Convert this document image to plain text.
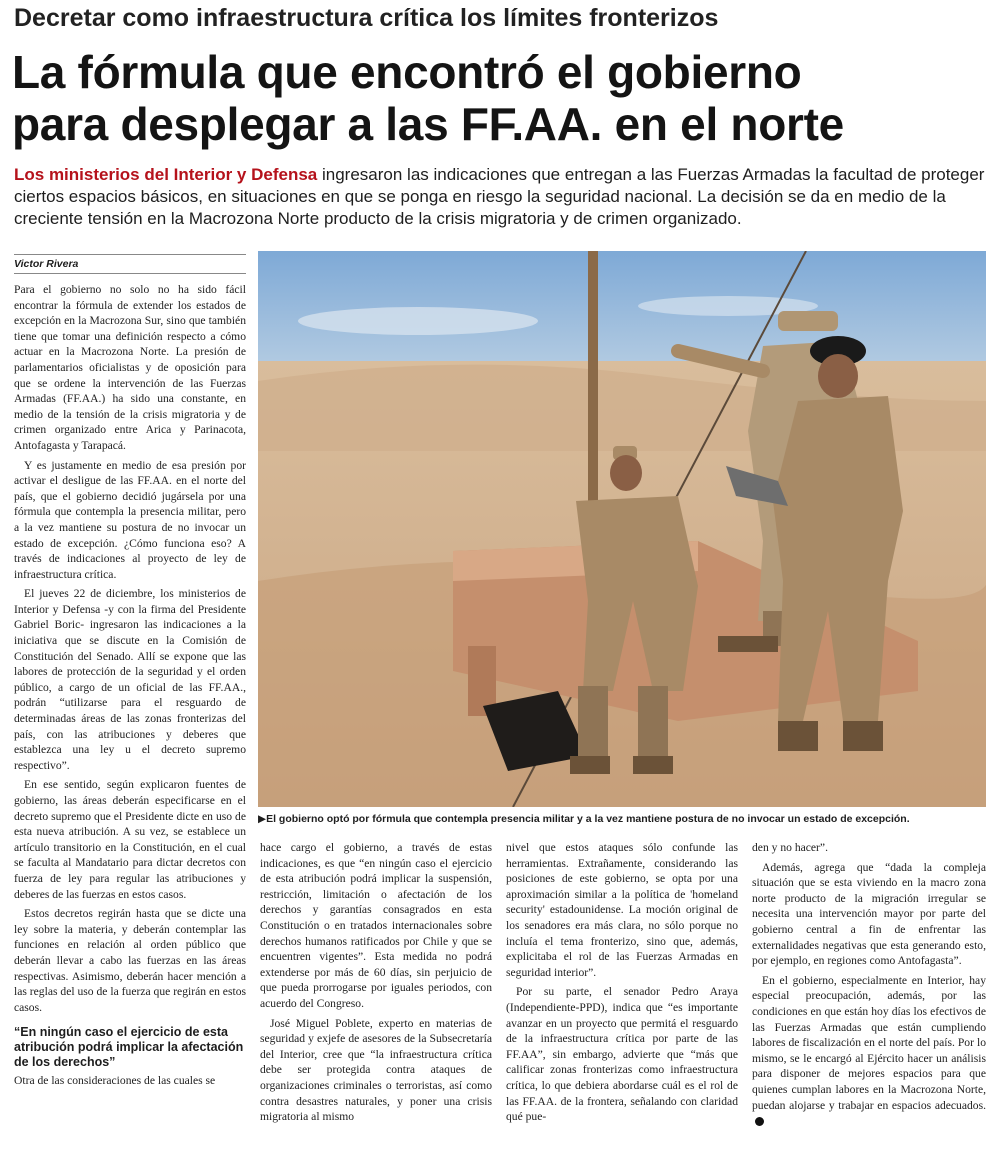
Decretar como infraestructura crítica los límites fronterizos
La fórmula que encontró el gobierno
para desplegar a las FF.AA. en el norte
Los ministerios del Interior y Defensa ingresaron las indicaciones que entregan a las Fuerzas Armadas la facultad de proteger ciertos espacios básicos, en situaciones en que se ponga en riesgo la seguridad nacional. La decisión se da en medio de la creciente tensión en la Macrozona Norte producto de la crisis migratoria y de crimen organizado.
Victor Rivera

Para el gobierno no solo no ha sido fácil encontrar la fórmula de extender los estados de excepción en la Macrozona Sur, sino que también tiene que tomar una definición respecto a cómo actuar en la Macrozona Norte. La presión de parlamentarios oficialistas y de oposición para que se ordene la intervención de las Fuerzas Armadas (FF.AA.) ha sido una constante, en medio de la tensión de la crisis migratoria y de crimen organizado entre Arica y Parinacota, Antofagasta y Tarapacá.

Y es justamente en medio de esa presión por activar el desligue de las FF.AA. en el norte del país, que el gobierno decidió jugársela por una fórmula que contempla la presencia militar, pero a la vez mantiene su postura de no invocar un estado de excepción. ¿Cómo funciona eso? A través de indicaciones al proyecto de ley de infraestructura crítica.

El jueves 22 de diciembre, los ministerios de Interior y Defensa -y con la firma del Presidente Gabriel Boric- ingresaron las indicaciones a la iniciativa que se discute en la Comisión de Constitución del Senado. Allí se expone que las labores de protección de la seguridad y el orden público, a cargo de un oficial de las FF.AA., podrán “utilizarse para el resguardo de determinadas áreas de las zonas fronterizas del país, con las atribuciones y deberes que establezca una ley u el decreto supremo respectivo”.

En ese sentido, según explicaron fuentes de gobierno, las áreas deberán especificarse en el decreto supremo que el Presidente dicte en uso de esta nueva atribución. A su vez, se establece un artículo transitorio en la Constitución, en el cual se faculta al Mandatario para dictar decretos con fuerza de ley para regular las atribuciones y deberes de las fuerzas en estos casos.

Estos decretos regirán hasta que se dicte una ley sobre la materia, y deberán contemplar las funciones en relación al orden público que deberán llevar a cabo las fuerzas en las áreas respectivas. Asimismo, deberán hacer mención a las reglas del uso de la fuerza que regirán en estos casos.

“En ningún caso el ejercicio de esta atribución podrá implicar la afectación de los derechos”

Otra de las consideraciones de las cuales se

▶El gobierno optó por fórmula que contempla presencia militar y a la vez mantiene postura de no invocar un estado de excepción.

hace cargo el gobierno, a través de estas indicaciones, es que “en ningún caso el ejercicio de esta atribución podrá implicar la suspensión, restricción, limitación o afectación de los derechos y garantías consagrados en esta Constitución o en tratados internacionales sobre derechos humanos ratificados por Chile y que se encuentren vigentes”. Esta medida no podrá extenderse por más de 60 días, sin perjuicio de que pueda prorrogarse por iguales periodos, con acuerdo del Congreso.

José Miguel Poblete, experto en materias de seguridad y exjefe de asesores de la Subsecretaría del Interior, cree que “la infraestructura crítica debe ser protegida contra ataques de organizaciones criminales o terroristas, así como contra desastres naturales, y poner una crisis migratoria al mismo

nivel que estos ataques sólo confunde las herramientas. Extrañamente, considerando las posiciones de este gobierno, se opta por una aproximación similar a la política de 'homeland security' estadounidense. La moción original de los senadores era más clara, no sólo porque no incluía el tema fronterizo, sino que, además, explicitaba el rol de las Fuerzas Armadas en seguridad interior”.

Por su parte, el senador Pedro Araya (Independiente-PPD), indica que “es importante avanzar en un proyecto que permitá el resguardo de la infraestructura crítica por parte de las FF.AA”, sin embargo, advierte que “más que calificar zonas fronterizas como infraestructura crítica, lo que debiera abordarse cuál es el rol de las FF.AA. de la frontera, señalando con claridad qué pue-

den y no hacer”.

Además, agrega que “dada la compleja situación que se esta viviendo en la macro zona norte producto de la migración irregular se necesita una intervención mayor por parte del gobierno central a fin de enfrentar las externalidades negativas que esta generando esto, por ejemplo, en regiones como Antofagasta”.

En el gobierno, especialmente en Interior, hay especial preocupación, además, por las condiciones en que están hoy días los efectivos de las Fuerzas Armadas que están cumpliendo labores de fiscalización en el norte del país. Por lo mismo, se le encargó al Ejército hacer un análisis para disponer de mejores espacios para que quienes cumplan labores en la Macrozona Norte, puedan alojarse y trabajar en espacios adecuados.
